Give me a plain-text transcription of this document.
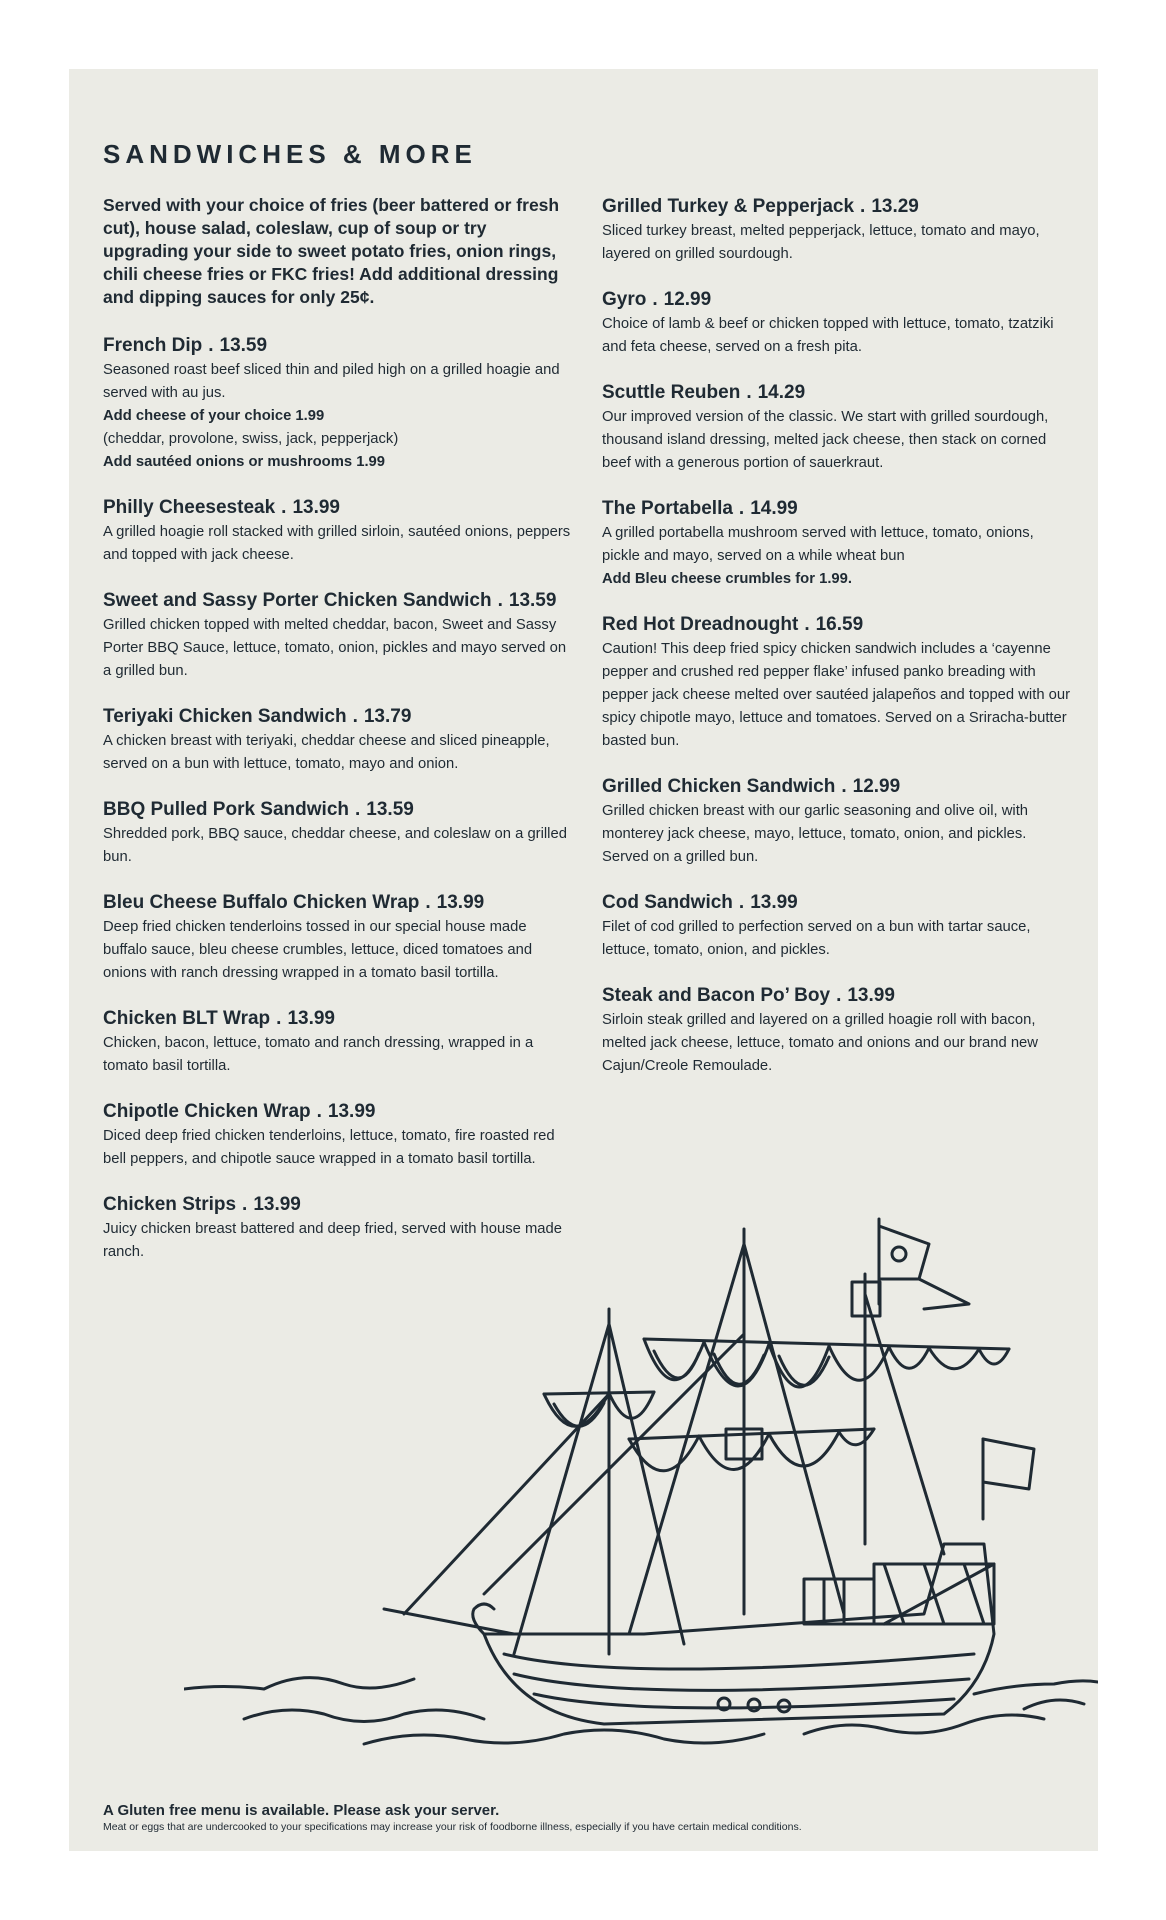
SANDWICHES & MORE

Served with your choice of fries (beer battered or fresh cut), house salad, coleslaw, cup of soup or try upgrading your side to sweet potato fries, onion rings, chili cheese fries or FKC fries! Add additional dressing and dipping sauces for only 25¢.

French Dip . 13.59
Seasoned roast beef sliced thin and piled high on a grilled hoagie and served with au jus.
Add cheese of your choice 1.99
(cheddar, provolone, swiss, jack, pepperjack)
Add sautéed onions or mushrooms 1.99
Philly Cheesesteak . 13.99
A grilled hoagie roll stacked with grilled sirloin, sautéed onions, peppers and topped with jack cheese.
Sweet and Sassy Porter Chicken Sandwich . 13.59
Grilled chicken topped with melted cheddar, bacon, Sweet and Sassy Porter BBQ Sauce, lettuce, tomato, onion, pickles and mayo served on a grilled bun.
Teriyaki Chicken Sandwich . 13.79
A chicken breast with teriyaki, cheddar cheese and sliced pineapple, served on a bun with lettuce, tomato, mayo and onion.
BBQ Pulled Pork Sandwich . 13.59
Shredded pork, BBQ sauce, cheddar cheese, and coleslaw on a grilled bun.
Bleu Cheese Buffalo Chicken Wrap . 13.99
Deep fried chicken tenderloins tossed in our special house made buffalo sauce, bleu cheese crumbles, lettuce, diced tomatoes and onions with ranch dressing wrapped in a tomato basil tortilla.
Chicken BLT Wrap . 13.99
Chicken, bacon, lettuce, tomato and ranch dressing, wrapped in a tomato basil tortilla.
Chipotle Chicken Wrap . 13.99
Diced deep fried chicken tenderloins, lettuce, tomato, fire roasted red bell peppers, and chipotle sauce wrapped in a tomato basil tortilla.
Chicken Strips . 13.99
Juicy chicken breast battered and deep fried, served with house made ranch.
Grilled Turkey & Pepperjack . 13.29
Sliced turkey breast, melted pepperjack, lettuce, tomato and mayo, layered on grilled sourdough.
Gyro . 12.99
Choice of lamb & beef or chicken topped with lettuce, tomato, tzatziki and feta cheese, served on a fresh pita.
Scuttle Reuben . 14.29
Our improved version of the classic. We start with grilled sourdough, thousand island dressing, melted jack cheese, then stack on corned beef with a generous portion of sauerkraut.
The Portabella . 14.99
A grilled portabella mushroom served with lettuce, tomato, onions, pickle and mayo, served on a while wheat bun
Add Bleu cheese crumbles for 1.99.
Red Hot Dreadnought . 16.59
Caution! This deep fried spicy chicken sandwich includes a ‘cayenne pepper and crushed red pepper flake’ infused panko breading with pepper jack cheese melted over sautéed jalapeños and topped with our spicy chipotle mayo, lettuce and tomatoes. Served on a Sriracha-butter basted bun.
Grilled Chicken Sandwich . 12.99
Grilled chicken breast with our garlic seasoning and olive oil, with monterey jack cheese, mayo, lettuce, tomato, onion, and pickles. Served on a grilled bun.
Cod Sandwich . 13.99
Filet of cod grilled to perfection served on a bun with tartar sauce, lettuce, tomato, onion, and pickles.
Steak and Bacon Po’ Boy . 13.99
Sirloin steak grilled and layered on a grilled hoagie roll with bacon, melted jack cheese, lettuce, tomato and onions and our brand new Cajun/Creole Remoulade.
A Gluten free menu is available. Please ask your server.
Meat or eggs that are undercooked to your specifications may increase your risk of foodborne illness, especially if you have certain medical conditions.
